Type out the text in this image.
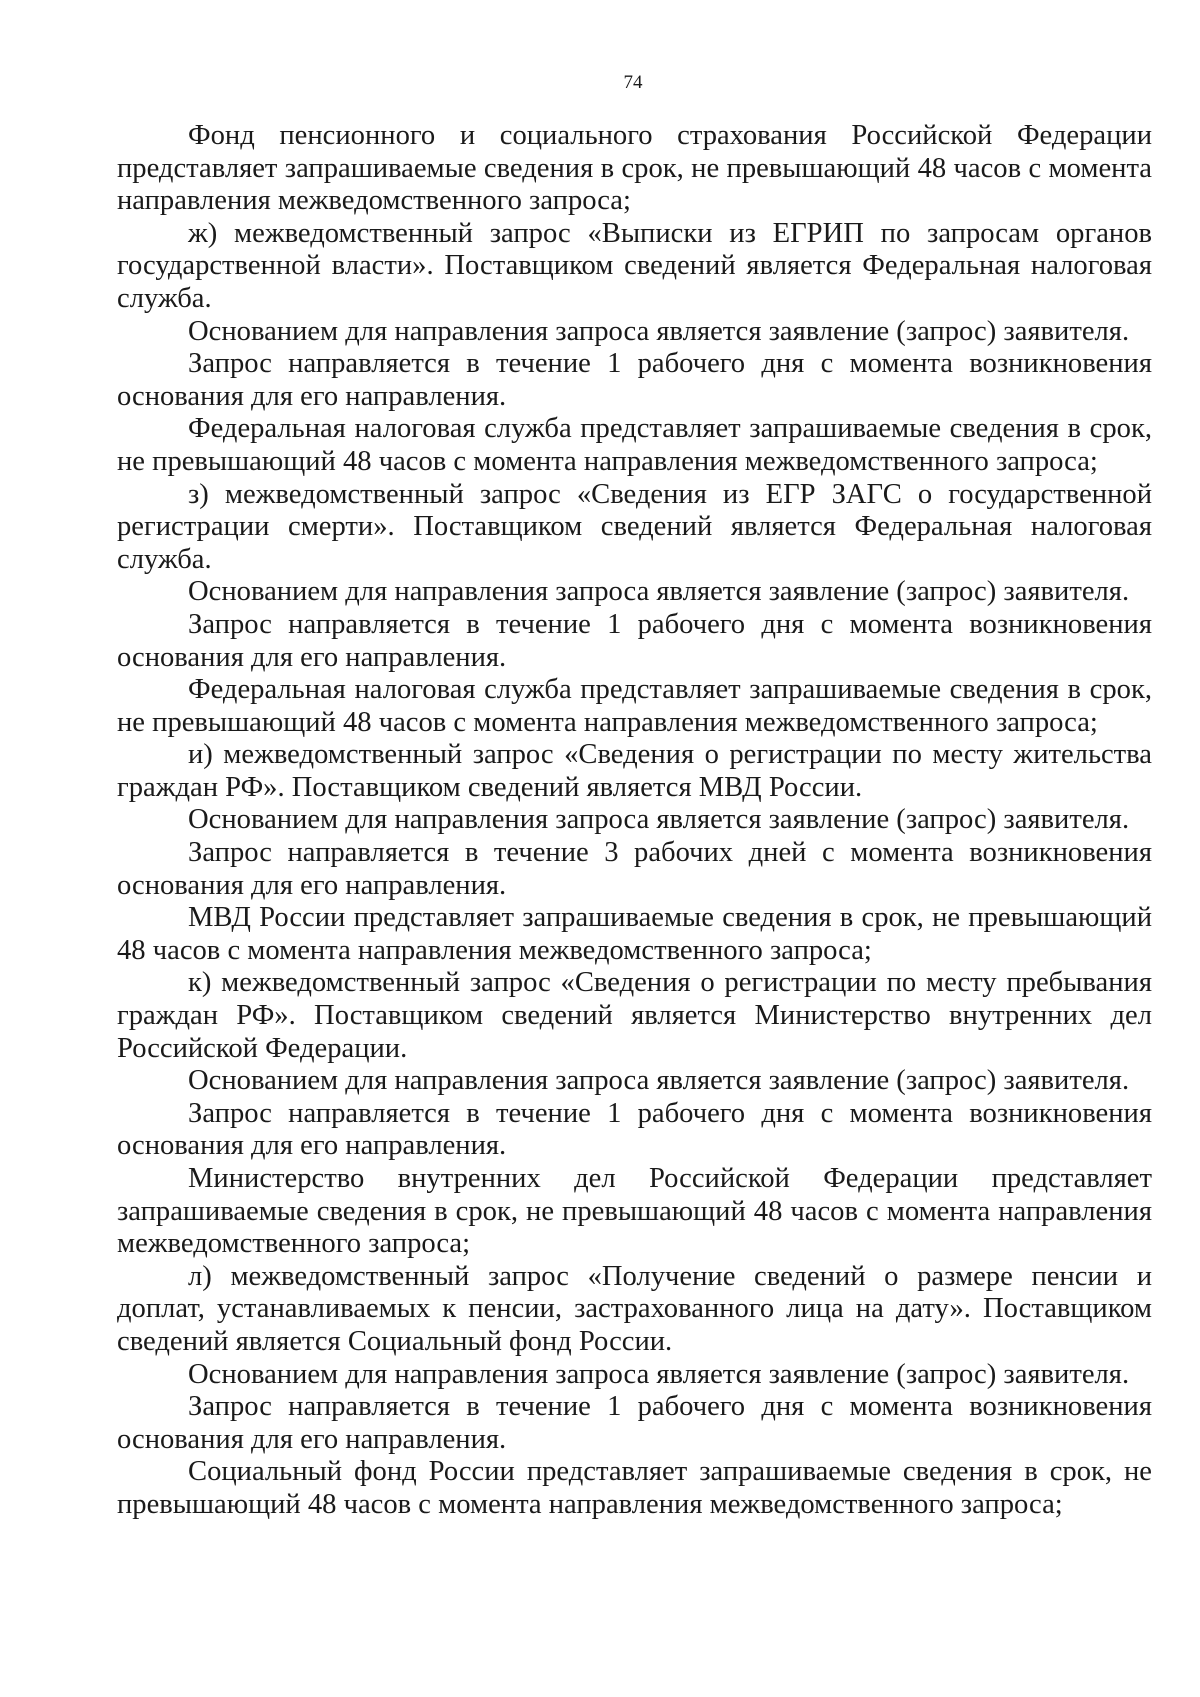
74

Фонд пенсионного и социального страхования Российской Федерации представляет запрашиваемые сведения в срок, не превышающий 48 часов с момента направления межведомственного запроса;

ж) межведомственный запрос «Выписки из ЕГРИП по запросам органов государственной власти». Поставщиком сведений является Федеральная налоговая служба.

Основанием для направления запроса является заявление (запрос) заявителя.

Запрос направляется в течение 1 рабочего дня с момента возникновения основания для его направления.

Федеральная налоговая служба представляет запрашиваемые сведения в срок, не превышающий 48 часов с момента направления межведомственного запроса;

з) межведомственный запрос «Сведения из ЕГР ЗАГС о государственной регистрации смерти». Поставщиком сведений является Федеральная налоговая служба.

Основанием для направления запроса является заявление (запрос) заявителя.

Запрос направляется в течение 1 рабочего дня с момента возникновения основания для его направления.

Федеральная налоговая служба представляет запрашиваемые сведения в срок, не превышающий 48 часов с момента направления межведомственного запроса;

и) межведомственный запрос «Сведения о регистрации по месту жительства граждан РФ». Поставщиком сведений является МВД России.

Основанием для направления запроса является заявление (запрос) заявителя.

Запрос направляется в течение 3 рабочих дней с момента возникновения основания для его направления.

МВД России представляет запрашиваемые сведения в срок, не превышающий 48 часов с момента направления межведомственного запроса;

к) межведомственный запрос «Сведения о регистрации по месту пребывания граждан РФ». Поставщиком сведений является Министерство внутренних дел Российской Федерации.

Основанием для направления запроса является заявление (запрос) заявителя.

Запрос направляется в течение 1 рабочего дня с момента возникновения основания для его направления.

Министерство внутренних дел Российской Федерации представляет запрашиваемые сведения в срок, не превышающий 48 часов с момента направления межведомственного запроса;

л) межведомственный запрос «Получение сведений о размере пенсии и доплат, устанавливаемых к пенсии, застрахованного лица на дату». Поставщиком сведений является Социальный фонд России.

Основанием для направления запроса является заявление (запрос) заявителя.

Запрос направляется в течение 1 рабочего дня с момента возникновения основания для его направления.

Социальный фонд России представляет запрашиваемые сведения в срок, не превышающий 48 часов с момента направления межведомственного запроса;
